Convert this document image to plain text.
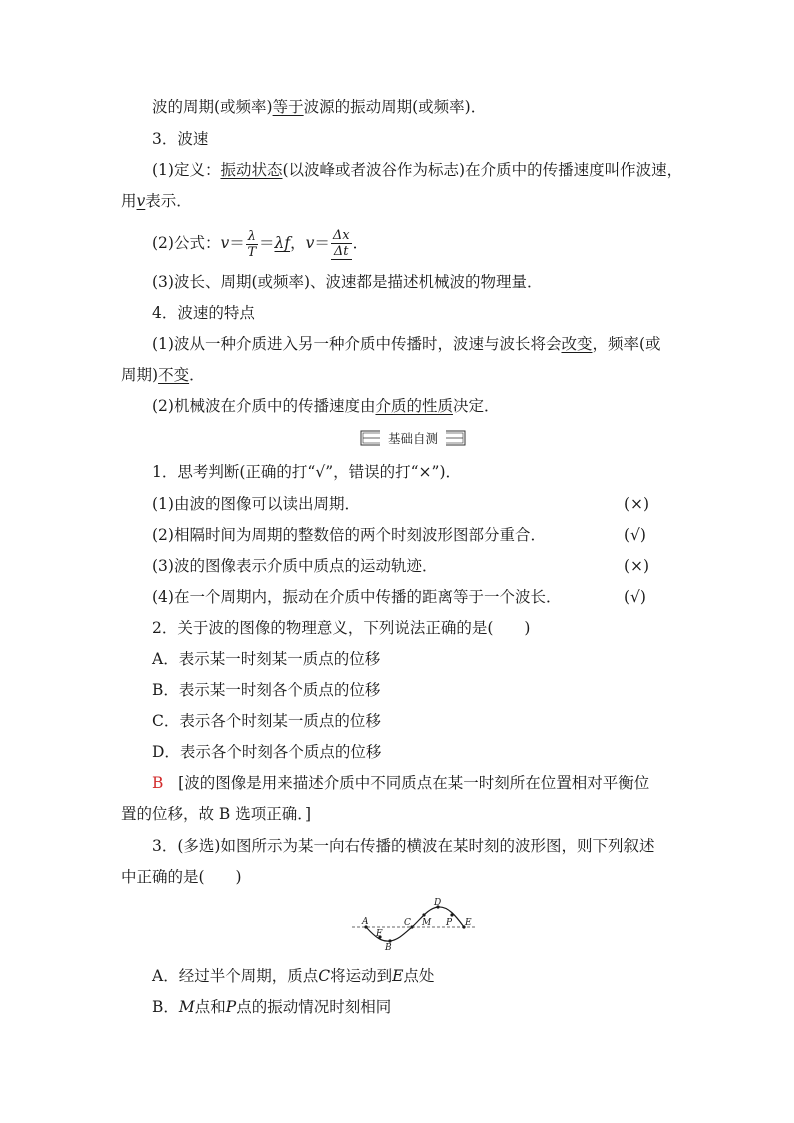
波的周期(或频率)等于波源的振动周期(或频率)．
3．波速
(1)定义：振动状态(以波峰或者波谷作为标志)在介质中的传播速度叫作波速，
用v表示．
(2)公式：$v= \frac{\lambda}{T} =\lambda f$，$v= \frac{\Delta x}{\Delta t}$ ．
(3)波长、周期(或频率)、波速都是描述机械波的物理量．
4．波速的特点
(1)波从一种介质进入另一种介质中传播时，波速与波长将会改变，频率(或
周期)不变．
(2)机械波在介质中的传播速度由介质的性质决定．
基础自测
1．思考判断(正确的打“√”，错误的打“×”)．
(1)由波的图像可以读出周期．	(×)
(2)相隔时间为周期的整数倍的两个时刻波形图部分重合．	(√)
(3)波的图像表示介质中质点的运动轨迹．	(×)
(4)在一个周期内，振动在介质中传播的距离等于一个波长．	(√)
2．关于波的图像的物理意义，下列说法正确的是(　　)
A．表示某一时刻某一质点的位移
B．表示某一时刻各个质点的位移
C．表示各个时刻某一质点的位移
D．表示各个时刻各个质点的位移
B [波的图像是用来描述介质中不同质点在某一时刻所在位置相对平衡位
置的位移，故 B 选项正确．]
3．(多选)如图所示为某一向右传播的横波在某时刻的波形图，则下列叙述
中正确的是(　　)
A
F
B
C M
D
P E
A．经过半个周期，质点C将运动到E点处
B．M点和P点的振动情况时刻相同
